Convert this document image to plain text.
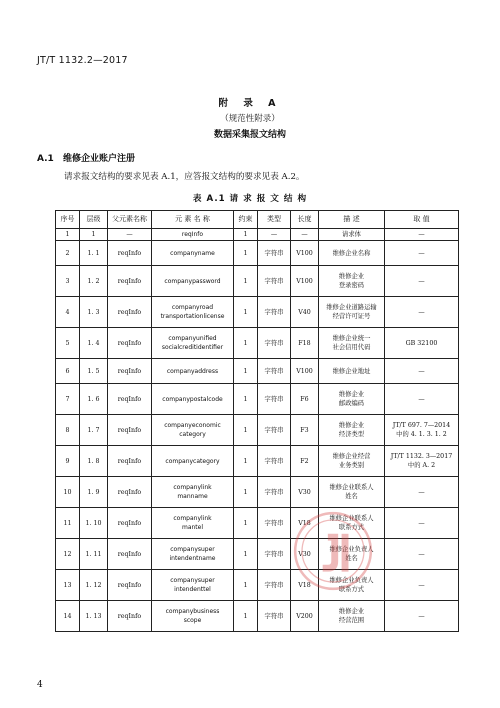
JT/T 1132.2—2017
附 录 A
（规范性附录）
数据采集报文结构
A.1 维修企业账户注册
请求报文结构的要求见表 A.1，应答报文结构的要求见表 A.2。
表 A.1 请 求 报 文 结 构
序号	层级	父元素名称	元 素 名 称	约束	类型	长度	描 述	取 值
1	1	—	reqInfo	1	—	—	请求体	—
2	1. 1	reqInfo	companyname	1	字符串	V100	维修企业名称	—
3	1. 2	reqInfo	companypassword	1	字符串	V100	维修企业
登录密码	—
4	1. 3	reqInfo	companyroad
transportationlicense	1	字符串	V40	维修企业道路运输
经营许可证号	—
5	1. 4	reqInfo	companyunified
socialcreditidentifier	1	字符串	F18	维修企业统一
社会信用代码	GB 32100
6	1. 5	reqInfo	companyaddress	1	字符串	V100	维修企业地址	—
7	1. 6	reqInfo	companypostalcode	1	字符串	F6	维修企业
邮政编码	—
8	1. 7	reqInfo	companyeconomic
category	1	字符串	F3	维修企业
经济类型	JT/T 697. 7—2014
中的 4. 1. 3. 1. 2
9	1. 8	reqInfo	companycategory	1	字符串	F2	维修企业经营
业务类别	JT/T 1132. 3—2017
中的 A. 2
10	1. 9	reqInfo	companylink
manname	1	字符串	V30	维修企业联系人
姓名	—
11	1. 10	reqInfo	companylink
mantel	1	字符串	V18	维修企业联系人
联系方式	—
12	1. 11	reqInfo	companysuper
intendentname	1	字符串	V30	维修企业负责人
姓名	—
13	1. 12	reqInfo	companysuper
intendenttel	1	字符串	V18	维修企业负责人
联系方式	—
14	1. 13	reqInfo	companybusiness
scope	1	字符串	V200	维修企业
经营范围	—
4
